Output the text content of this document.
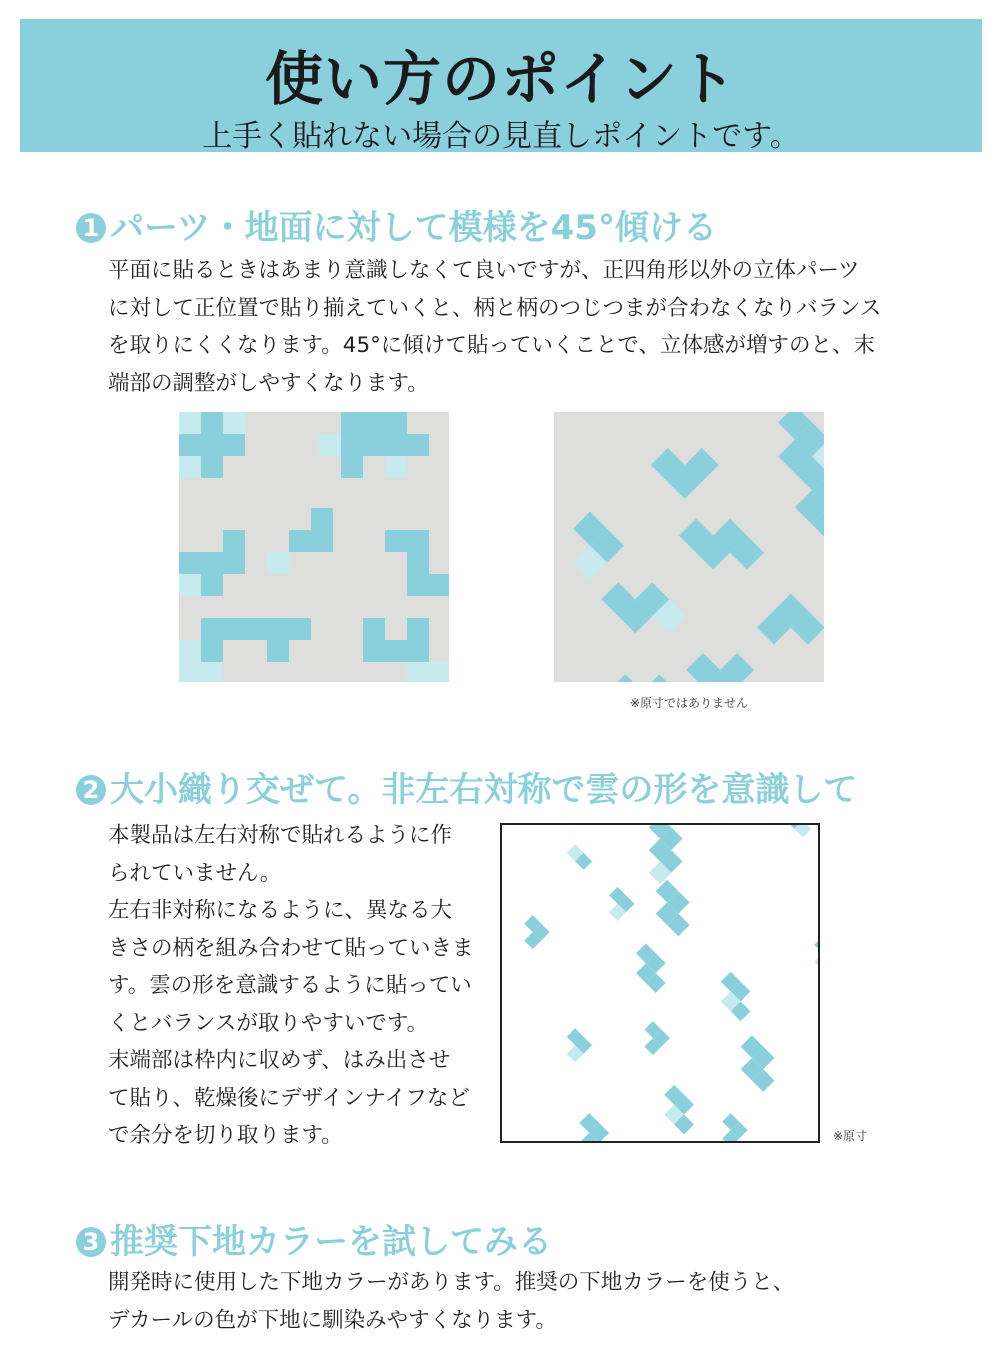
使い方のポイント
上手く貼れない場合の見直しポイントです。
1 パーツ・地面に対して模様を45°傾ける
平面に貼るときはあまり意識しなくて良いですが、正四角形以外の立体パーツ
に対して正位置で貼り揃えていくと、柄と柄のつじつまが合わなくなりバランス
を取りにくくなります。45°に傾けて貼っていくことで、立体感が増すのと、末
端部の調整がしやすくなります。
※原寸ではありません
2 大小織り交ぜて。非左右対称で雲の形を意識して
本製品は左右対称で貼れるように作
られていません。
左右非対称になるように、異なる大
きさの柄を組み合わせて貼っていきま
す。雲の形を意識するように貼ってい
くとバランスが取りやすいです。
末端部は枠内に収めず、はみ出させ
て貼り、乾燥後にデザインナイフなど
で余分を切り取ります。	※原寸
3 推奨下地カラーを試してみる
開発時に使用した下地カラーがあります。推奨の下地カラーを使うと、
デカールの色が下地に馴染みやすくなります。
